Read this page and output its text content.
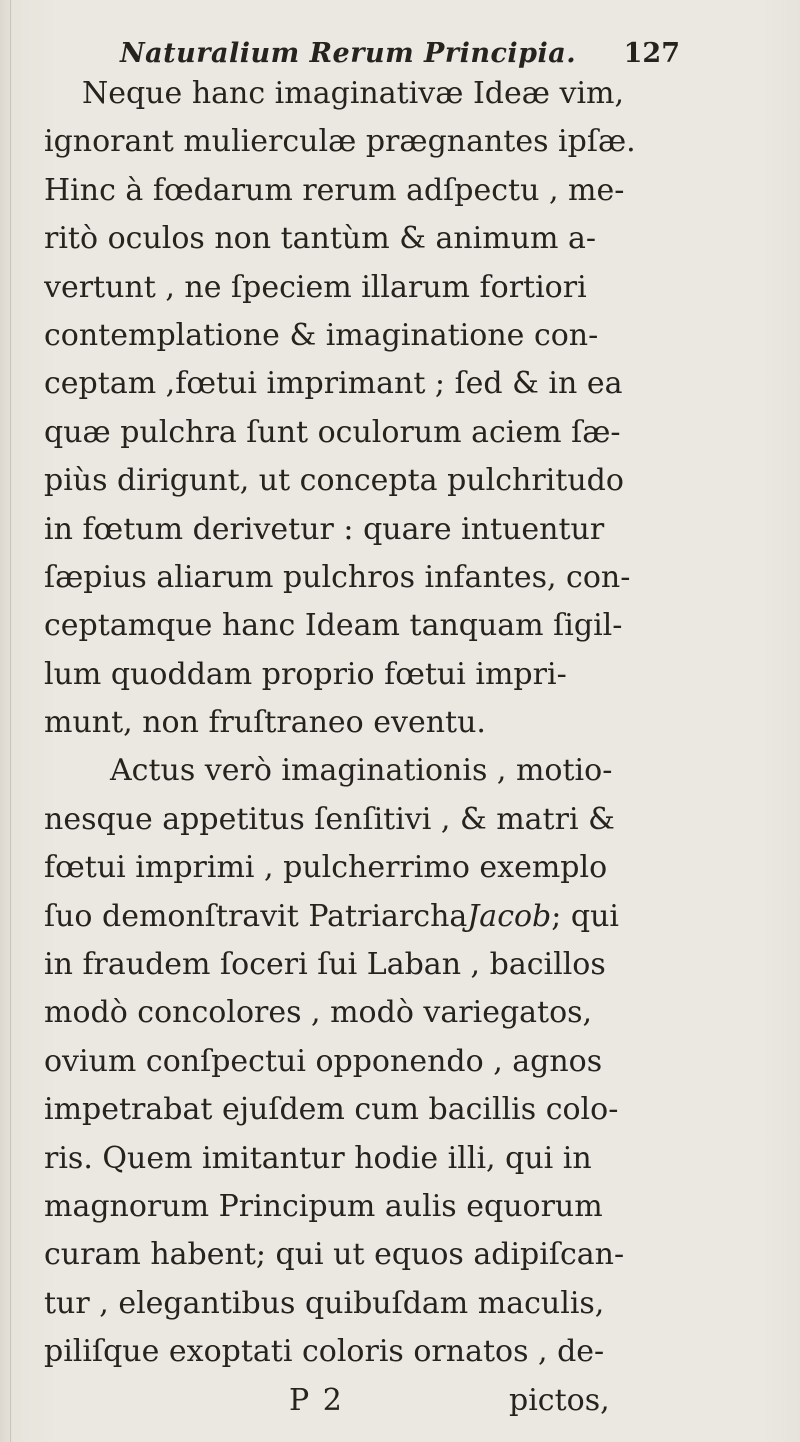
Naturalium Rerum Principia. 127
Neque hanc imaginativæ Ideæ vim,
ignorant mulierculæ prægnantes ipſæ.
Hinc à fœdarum rerum adſpectu , me-
ritò oculos non tantùm & animum a-
vertunt , ne ſpeciem illarum fortiori
contemplatione & imaginatione con-
ceptam ,fœtui imprimant ; ſed & in ea
quæ pulchra ſunt oculorum aciem ſæ-
piùs dirigunt, ut concepta pulchritudo
in fœtum derivetur : quare intuentur
ſæpius aliarum pulchros infantes, con-
ceptamque hanc Ideam tanquam ſigil-
lum quoddam proprio fœtui impri-
munt, non fruſtraneo eventu.
Actus verò imaginationis , motio-
nesque appetitus ſenſitivi , & matri &
fœtui imprimi , pulcherrimo exemplo
ſuo demonſtravit PatriarchaJacob; qui
in fraudem ſoceri ſui Laban , bacillos
modò concolores , modò variegatos,
ovium conſpectui opponendo , agnos
impetrabat ejuſdem cum bacillis colo-
ris. Quem imitantur hodie illi, qui in
magnorum Principum aulis equorum
curam habent; qui ut equos adipiſcan-
tur , elegantibus quibuſdam maculis,
piliſque exoptati coloris ornatos , de-
P 2	pictos,
